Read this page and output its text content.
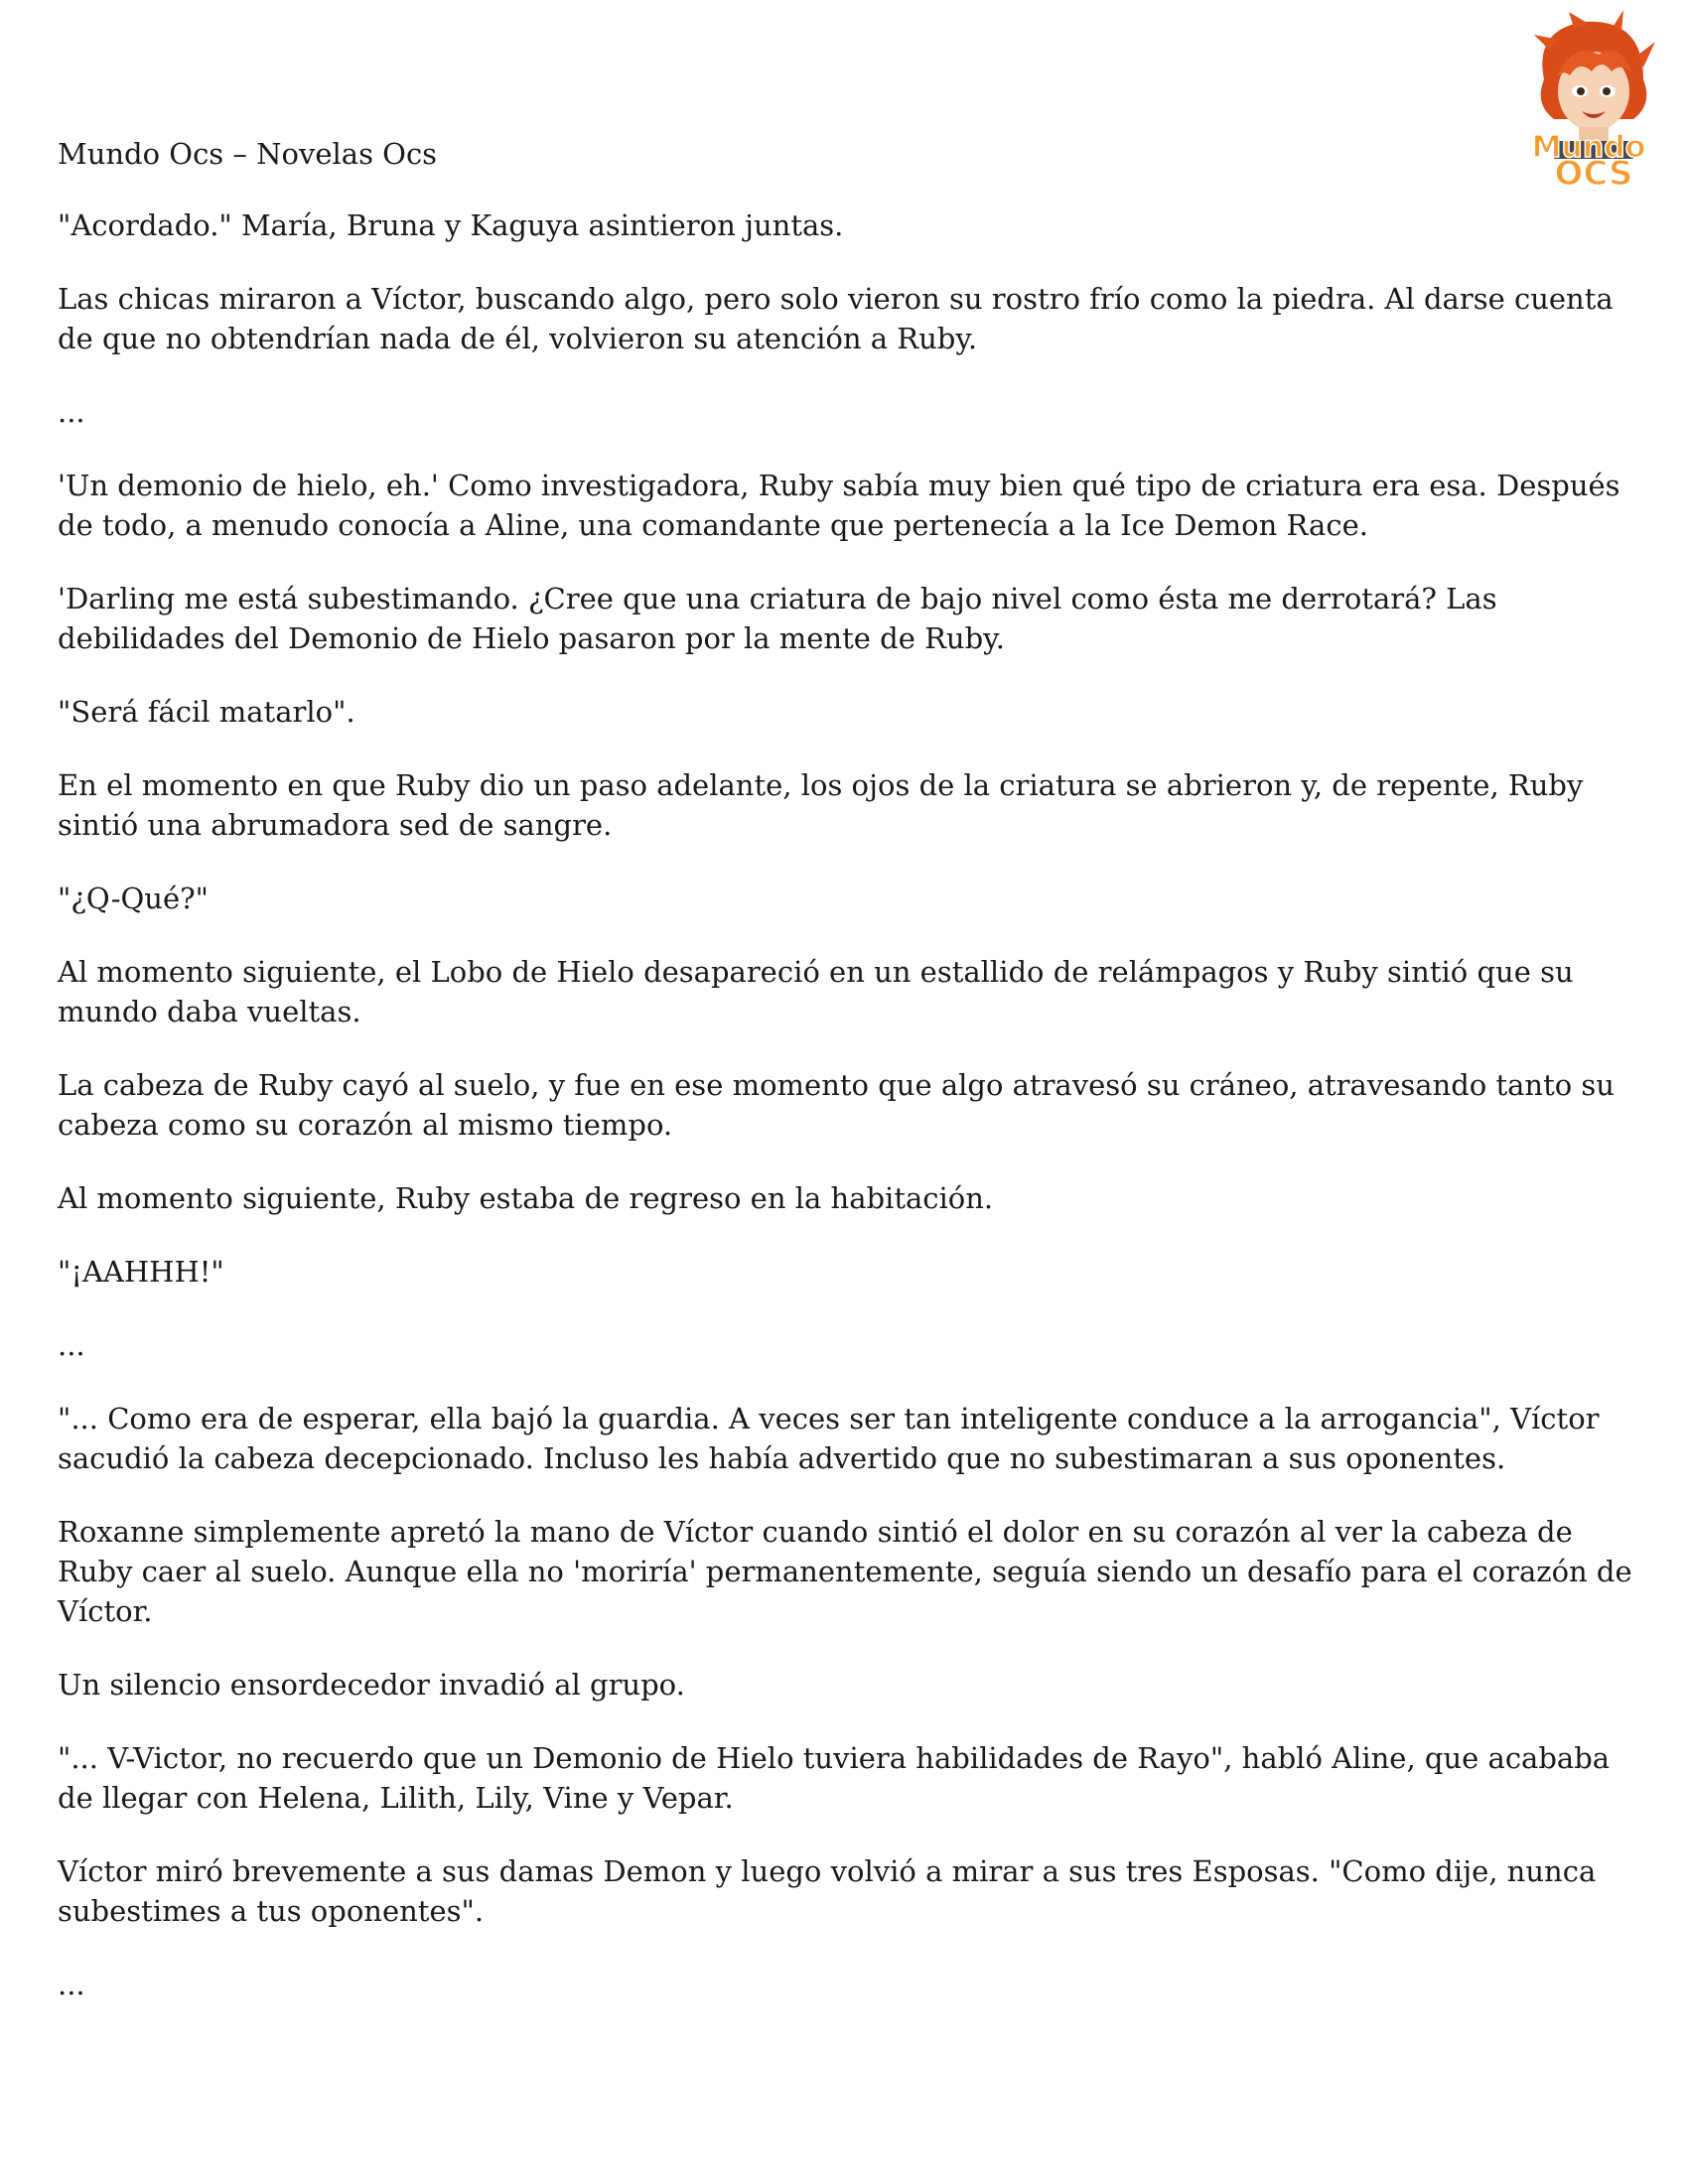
Mundo
OCS

Mundo Ocs – Novelas Ocs

"Acordado." María, Bruna y Kaguya asintieron juntas.

Las chicas miraron a Víctor, buscando algo, pero solo vieron su rostro frío como la piedra. Al darse cuenta de que no obtendrían nada de él, volvieron su atención a Ruby.

...

'Un demonio de hielo, eh.' Como investigadora, Ruby sabía muy bien qué tipo de criatura era esa. Después de todo, a menudo conocía a Aline, una comandante que pertenecía a la Ice Demon Race.

'Darling me está subestimando. ¿Cree que una criatura de bajo nivel como ésta me derrotará? Las debilidades del Demonio de Hielo pasaron por la mente de Ruby.

"Será fácil matarlo".

En el momento en que Ruby dio un paso adelante, los ojos de la criatura se abrieron y, de repente, Ruby sintió una abrumadora sed de sangre.

"¿Q-Qué?"

Al momento siguiente, el Lobo de Hielo desapareció en un estallido de relámpagos y Ruby sintió que su mundo daba vueltas.

La cabeza de Ruby cayó al suelo, y fue en ese momento que algo atravesó su cráneo, atravesando tanto su cabeza como su corazón al mismo tiempo.

Al momento siguiente, Ruby estaba de regreso en la habitación.

"¡AAHHH!"

...

"... Como era de esperar, ella bajó la guardia. A veces ser tan inteligente conduce a la arrogancia", Víctor sacudió la cabeza decepcionado. Incluso les había advertido que no subestimaran a sus oponentes.

Roxanne simplemente apretó la mano de Víctor cuando sintió el dolor en su corazón al ver la cabeza de Ruby caer al suelo. Aunque ella no 'moriría' permanentemente, seguía siendo un desafío para el corazón de Víctor.

Un silencio ensordecedor invadió al grupo.

"... V-Victor, no recuerdo que un Demonio de Hielo tuviera habilidades de Rayo", habló Aline, que acababa de llegar con Helena, Lilith, Lily, Vine y Vepar.

Víctor miró brevemente a sus damas Demon y luego volvió a mirar a sus tres Esposas. "Como dije, nunca subestimes a tus oponentes".

...
